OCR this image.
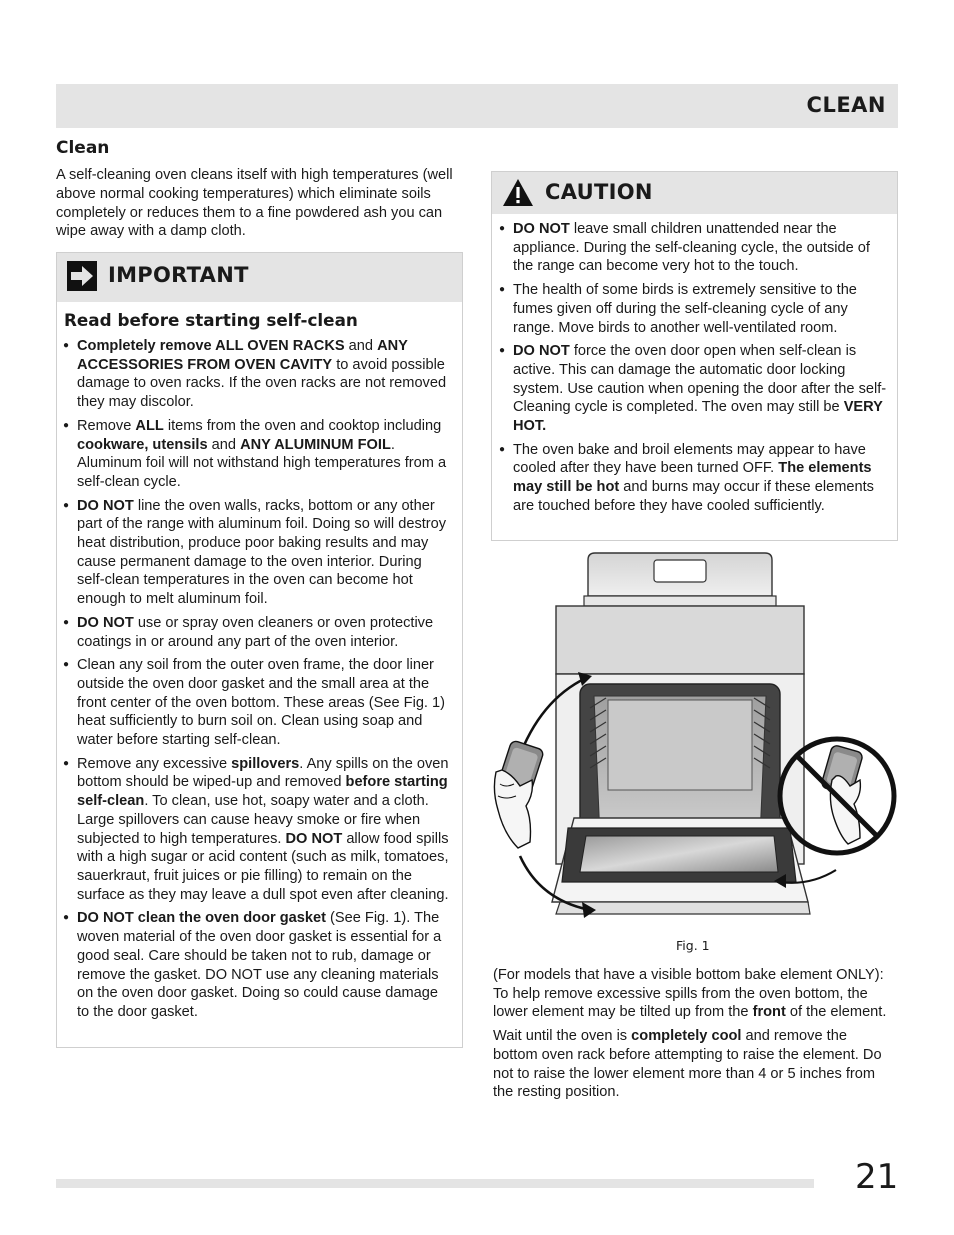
CLEAN
Clean
A self-cleaning oven cleans itself with high temperatures (well above normal cooking temperatures) which eliminate soils completely or reduces them to a fine powdered ash you can wipe away with a damp cloth.
IMPORTANT
Read before starting self-clean
● Completely remove ALL OVEN RACKS and ANY ACCESSORIES FROM OVEN CAVITY to avoid possible damage to oven racks. If the oven racks are not removed they may discolor.
● Remove ALL items from the oven and cooktop including cookware, utensils and ANY ALUMINUM FOIL. Aluminum foil will not withstand high temperatures from a self-clean cycle.
● DO NOT line the oven walls, racks, bottom or any other part of the range with aluminum foil. Doing so will destroy heat distribution, produce poor baking results and may cause permanent damage to the oven interior. During self-clean temperatures in the oven can become hot enough to melt aluminum foil.
● DO NOT use or spray oven cleaners or oven protective coatings in or around any part of the oven interior.
● Clean any soil from the outer oven frame, the door liner outside the oven door gasket and the small area at the front center of the oven bottom. These areas (See Fig. 1) heat sufficiently to burn soil on. Clean using soap and water before starting self-clean.
● Remove any excessive spillovers. Any spills on the oven bottom should be wiped-up and removed before starting self-clean. To clean, use hot, soapy water and a cloth. Large spillovers can cause heavy smoke or fire when subjected to high temperatures. DO NOT allow food spills with a high sugar or acid content (such as milk, tomatoes, sauerkraut, fruit juices or pie filling) to remain on the surface as they may leave a dull spot even after cleaning.
● DO NOT clean the oven door gasket (See Fig. 1). The woven material of the oven door gasket is essential for a good seal. Care should be taken not to rub, damage or remove the gasket. DO NOT use any cleaning materials on the oven door gasket. Doing so could cause damage to the door gasket.
CAUTION
● DO NOT leave small children unattended near the appliance. During the self-cleaning cycle, the outside of the range can become very hot to the touch.
● The health of some birds is extremely sensitive to the fumes given off during the self-cleaning cycle of any range. Move birds to another well-ventilated room.
● DO NOT force the oven door open when self-clean is active. This can damage the automatic door locking system. Use caution when opening the door after the self-Cleaning cycle is completed. The oven may still be VERY HOT.
● The oven bake and broil elements may appear to have cooled after they have been turned OFF. The elements may still be hot and burns may occur if these elements are touched before they have cooled sufficiently.
Fig. 1

(For models that have a visible bottom bake element ONLY): To help remove excessive spills from the oven bottom, the lower element may be tilted up from the front of the element.

Wait until the oven is completely cool and remove the bottom oven rack before attempting to raise the element. Do not to raise the lower element more than 4 or 5 inches from the resting position.

21
